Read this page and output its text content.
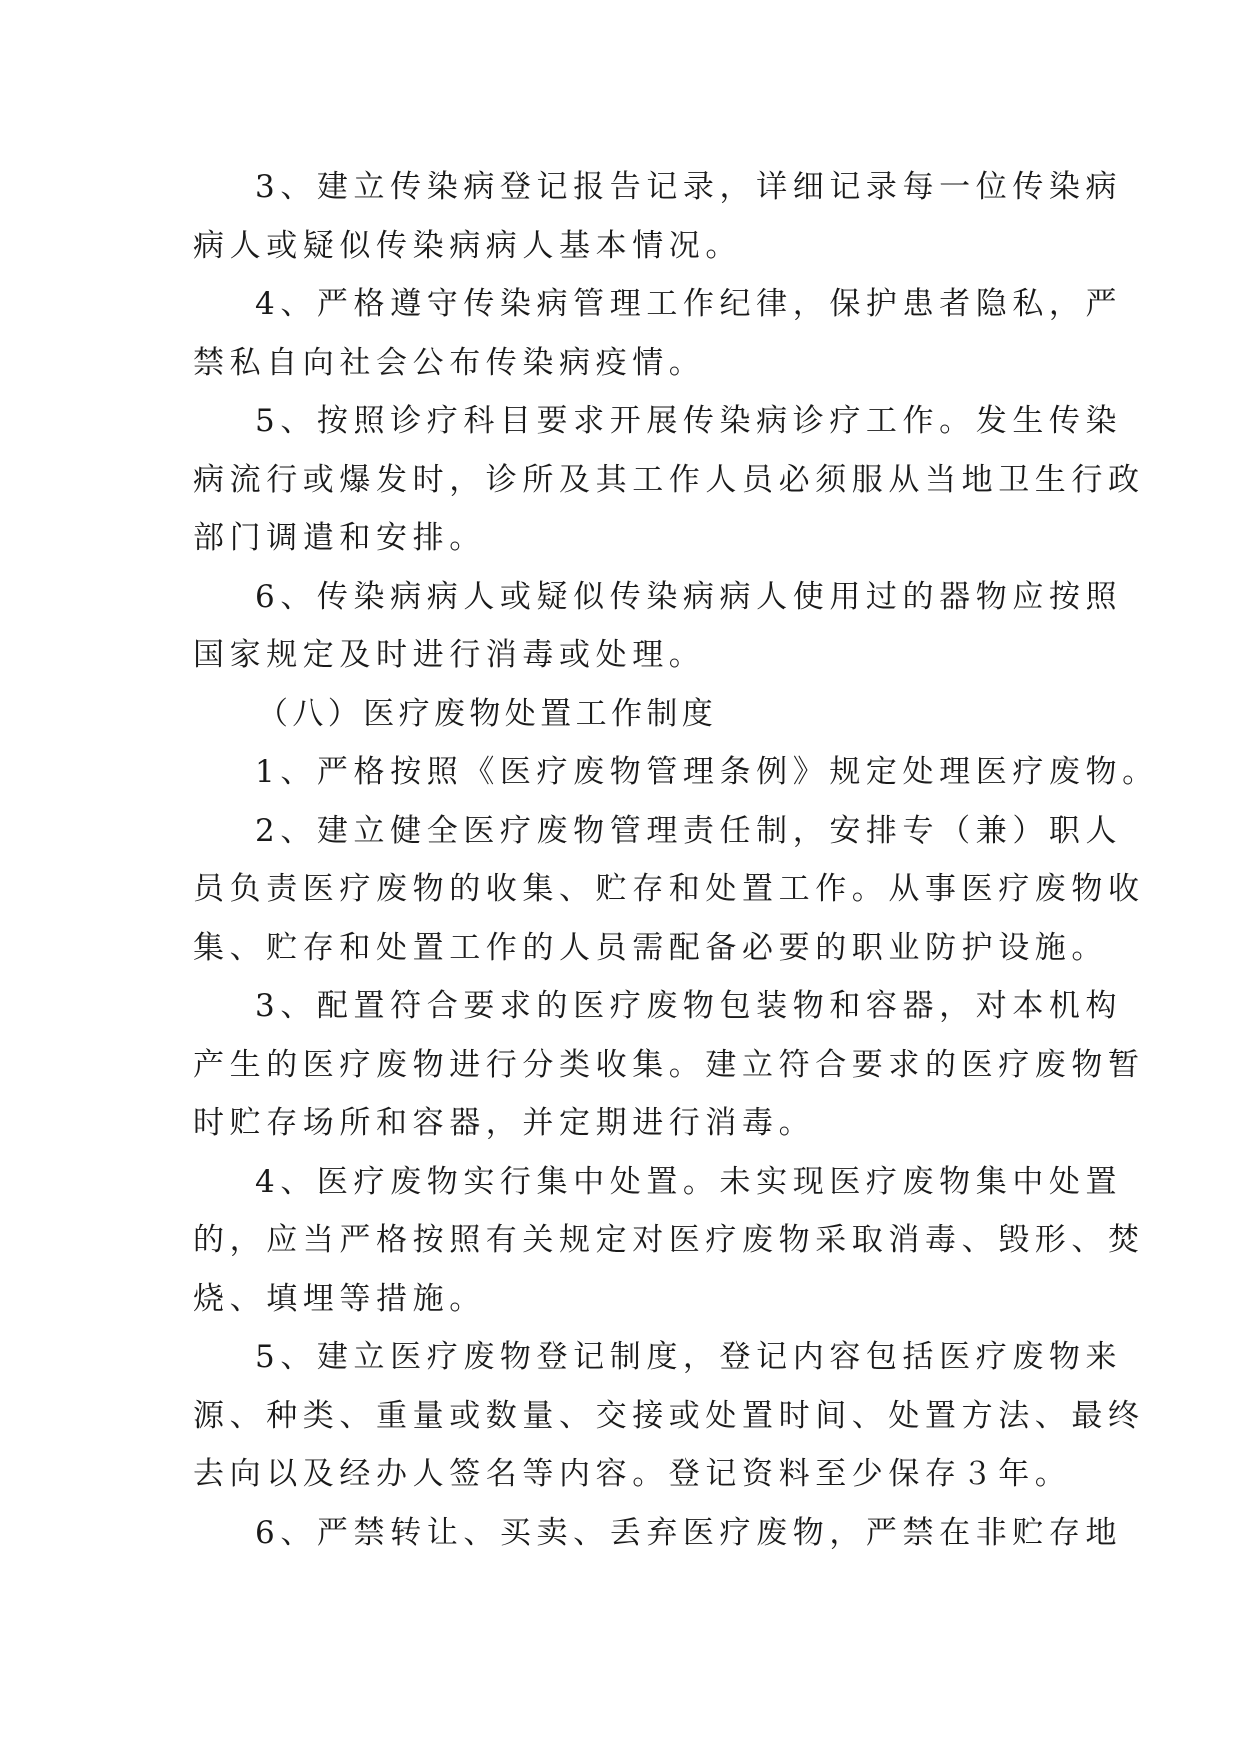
3、建立传染病登记报告记录，详细记录每一位传染病
病人或疑似传染病病人基本情况。
4、严格遵守传染病管理工作纪律，保护患者隐私，严
禁私自向社会公布传染病疫情。
5、按照诊疗科目要求开展传染病诊疗工作。发生传染
病流行或爆发时，诊所及其工作人员必须服从当地卫生行政
部门调遣和安排。
6、传染病病人或疑似传染病病人使用过的器物应按照
国家规定及时进行消毒或处理。
（八）医疗废物处置工作制度
1、严格按照《医疗废物管理条例》规定处理医疗废物。
2、建立健全医疗废物管理责任制，安排专（兼）职人
员负责医疗废物的收集、贮存和处置工作。从事医疗废物收
集、贮存和处置工作的人员需配备必要的职业防护设施。
3、配置符合要求的医疗废物包装物和容器，对本机构
产生的医疗废物进行分类收集。建立符合要求的医疗废物暂
时贮存场所和容器，并定期进行消毒。
4、医疗废物实行集中处置。未实现医疗废物集中处置
的，应当严格按照有关规定对医疗废物采取消毒、毁形、焚
烧、填埋等措施。
5、建立医疗废物登记制度，登记内容包括医疗废物来
源、种类、重量或数量、交接或处置时间、处置方法、最终
去向以及经办人签名等内容。登记资料至少保存３年。
6、严禁转让、买卖、丢弃医疗废物，严禁在非贮存地
